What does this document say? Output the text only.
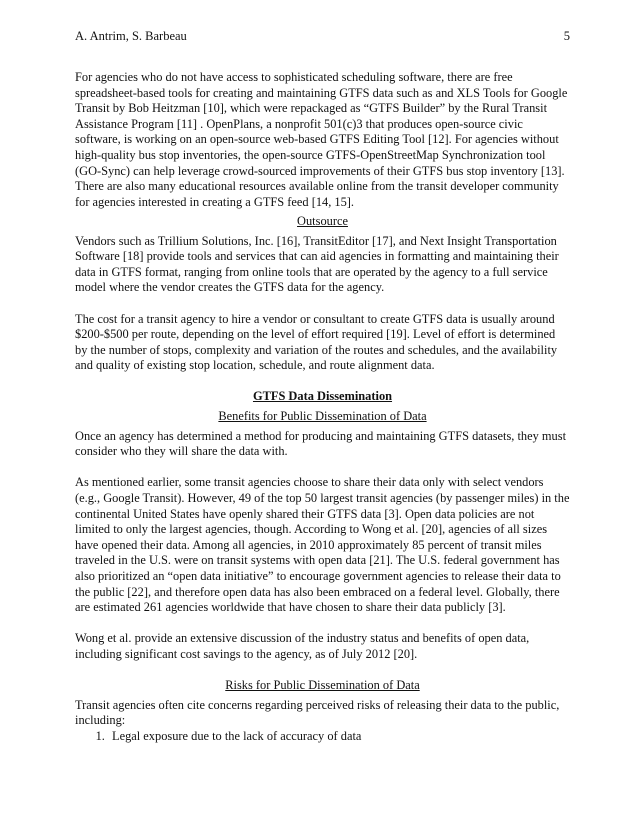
A. Antrim, S. Barbeau	5

For agencies who do not have access to sophisticated scheduling software, there are free spreadsheet-based tools for creating and maintaining GTFS data such as and XLS Tools for Google Transit by Bob Heitzman [10], which were repackaged as “GTFS Builder” by the Rural Transit Assistance Program [11] . OpenPlans, a nonprofit 501(c)3 that produces open-source civic software, is working on an open-source web-based GTFS Editing Tool [12]. For agencies without high-quality bus stop inventories, the open-source GTFS-OpenStreetMap Synchronization tool (GO-Sync) can help leverage crowd-sourced improvements of their GTFS bus stop inventory [13]. There are also many educational resources available online from the transit developer community for agencies interested in creating a GTFS feed [14, 15].

Outsource

Vendors such as Trillium Solutions, Inc. [16], TransitEditor [17], and Next Insight Transportation Software [18] provide tools and services that can aid agencies in formatting and maintaining their data in GTFS format, ranging from online tools that are operated by the agency to a full service model where the vendor creates the GTFS data for the agency.

The cost for a transit agency to hire a vendor or consultant to create GTFS data is usually around $200-$500 per route, depending on the level of effort required [19]. Level of effort is determined by the number of stops, complexity and variation of the routes and schedules, and the availability and quality of existing stop location, schedule, and route alignment data.

GTFS Data Dissemination
Benefits for Public Dissemination of Data

Once an agency has determined a method for producing and maintaining GTFS datasets, they must consider who they will share the data with.

As mentioned earlier, some transit agencies choose to share their data only with select vendors (e.g., Google Transit). However, 49 of the top 50 largest transit agencies (by passenger miles) in the continental United States have openly shared their GTFS data [3]. Open data policies are not limited to only the largest agencies, though. According to Wong et al. [20], agencies of all sizes have opened their data. Among all agencies, in 2010 approximately 85 percent of transit miles traveled in the U.S. were on transit systems with open data [21]. The U.S. federal government has also prioritized an “open data initiative” to encourage government agencies to release their data to the public [22], and therefore open data has also been embraced on a federal level. Globally, there are estimated 261 agencies worldwide that have chosen to share their data publicly [3].

Wong et al. provide an extensive discussion of the industry status and benefits of open data, including significant cost savings to the agency, as of July 2012 [20].

Risks for Public Dissemination of Data
Transit agencies often cite concerns regarding perceived risks of releasing their data to the public, including:
1. Legal exposure due to the lack of accuracy of data
